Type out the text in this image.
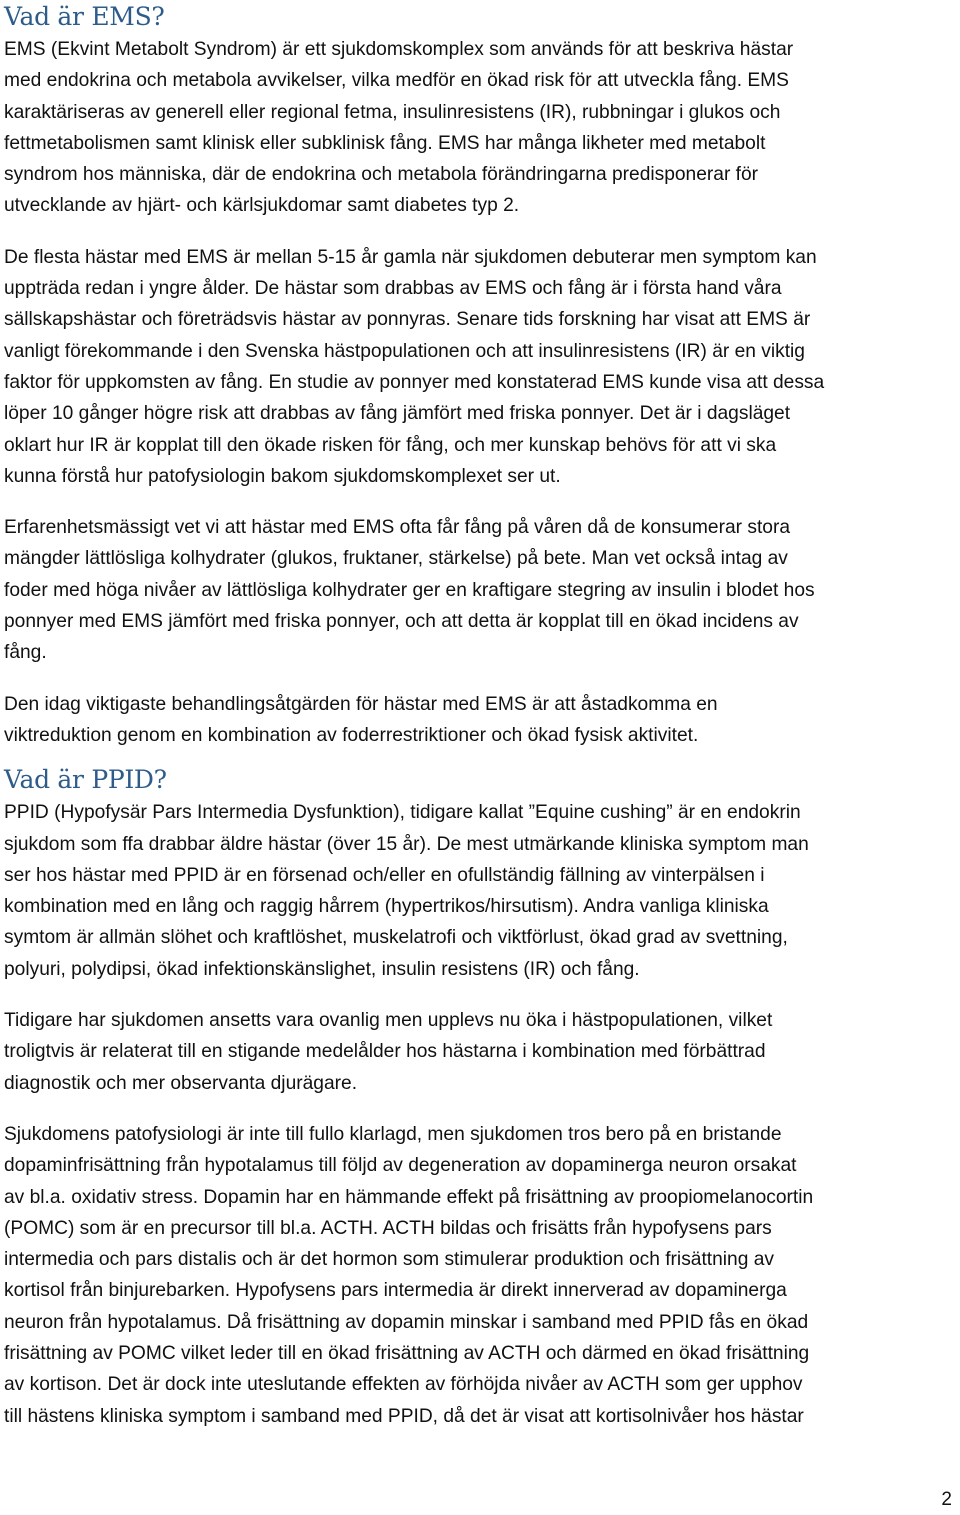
Vad är EMS?
EMS (Ekvint Metabolt Syndrom) är ett sjukdomskomplex som används för att beskriva hästar
med endokrina och metabola avvikelser, vilka medför en ökad risk för att utveckla fång. EMS
karaktäriseras av generell eller regional fetma, insulinresistens (IR), rubbningar i glukos och
fettmetabolismen samt klinisk eller subklinisk fång. EMS har många likheter med metabolt
syndrom hos människa, där de endokrina och metabola förändringarna predisponerar för
utvecklande av hjärt- och kärlsjukdomar samt diabetes typ 2.
De flesta hästar med EMS är mellan 5-15 år gamla när sjukdomen debuterar men symptom kan
uppträda redan i yngre ålder. De hästar som drabbas av EMS och fång är i första hand våra
sällskapshästar och företrädsvis hästar av ponnyras. Senare tids forskning har visat att EMS är
vanligt förekommande i den Svenska hästpopulationen och att insulinresistens (IR) är en viktig
faktor för uppkomsten av fång. En studie av ponnyer med konstaterad EMS kunde visa att dessa
löper 10 gånger högre risk att drabbas av fång jämfört med friska ponnyer. Det är i dagsläget
oklart hur IR är kopplat till den ökade risken för fång, och mer kunskap behövs för att vi ska
kunna förstå hur patofysiologin bakom sjukdomskomplexet ser ut.
Erfarenhetsmässigt vet vi att hästar med EMS ofta får fång på våren då de konsumerar stora
mängder lättlösliga kolhydrater (glukos, fruktaner, stärkelse) på bete. Man vet också intag av
foder med höga nivåer av lättlösliga kolhydrater ger en kraftigare stegring av insulin i blodet hos
ponnyer med EMS jämfört med friska ponnyer, och att detta är kopplat till en ökad incidens av
fång.
Den idag viktigaste behandlingsåtgärden för hästar med EMS är att åstadkomma en
viktreduktion genom en kombination av foderrestriktioner och ökad fysisk aktivitet.
Vad är PPID?
PPID (Hypofysär Pars Intermedia Dysfunktion), tidigare kallat ”Equine cushing” är en endokrin
sjukdom som ffa drabbar äldre hästar (över 15 år). De mest utmärkande kliniska symptom man
ser hos hästar med PPID är en försenad och/eller en ofullständig fällning av vinterpälsen i
kombination med en lång och raggig hårrem (hypertrikos/hirsutism). Andra vanliga kliniska
symtom är allmän slöhet och kraftlöshet, muskelatrofi och viktförlust, ökad grad av svettning,
polyuri, polydipsi, ökad infektionskänslighet, insulin resistens (IR) och fång.
Tidigare har sjukdomen ansetts vara ovanlig men upplevs nu öka i hästpopulationen, vilket
troligtvis är relaterat till en stigande medelålder hos hästarna i kombination med förbättrad
diagnostik och mer observanta djurägare.
Sjukdomens patofysiologi är inte till fullo klarlagd, men sjukdomen tros bero på en bristande
dopaminfrisättning från hypotalamus till följd av degeneration av dopaminerga neuron orsakat
av bl.a. oxidativ stress. Dopamin har en hämmande effekt på frisättning av proopiomelanocortin
(POMC) som är en precursor till bl.a. ACTH. ACTH bildas och frisätts från hypofysens pars
intermedia och pars distalis och är det hormon som stimulerar produktion och frisättning av
kortisol från binjurebarken. Hypofysens pars intermedia är direkt innerverad av dopaminerga
neuron från hypotalamus. Då frisättning av dopamin minskar i samband med PPID fås en ökad
frisättning av POMC vilket leder till en ökad frisättning av ACTH och därmed en ökad frisättning
av kortison. Det är dock inte uteslutande effekten av förhöjda nivåer av ACTH som ger upphov
till hästens kliniska symptom i samband med PPID, då det är visat att kortisolnivåer hos hästar
2
